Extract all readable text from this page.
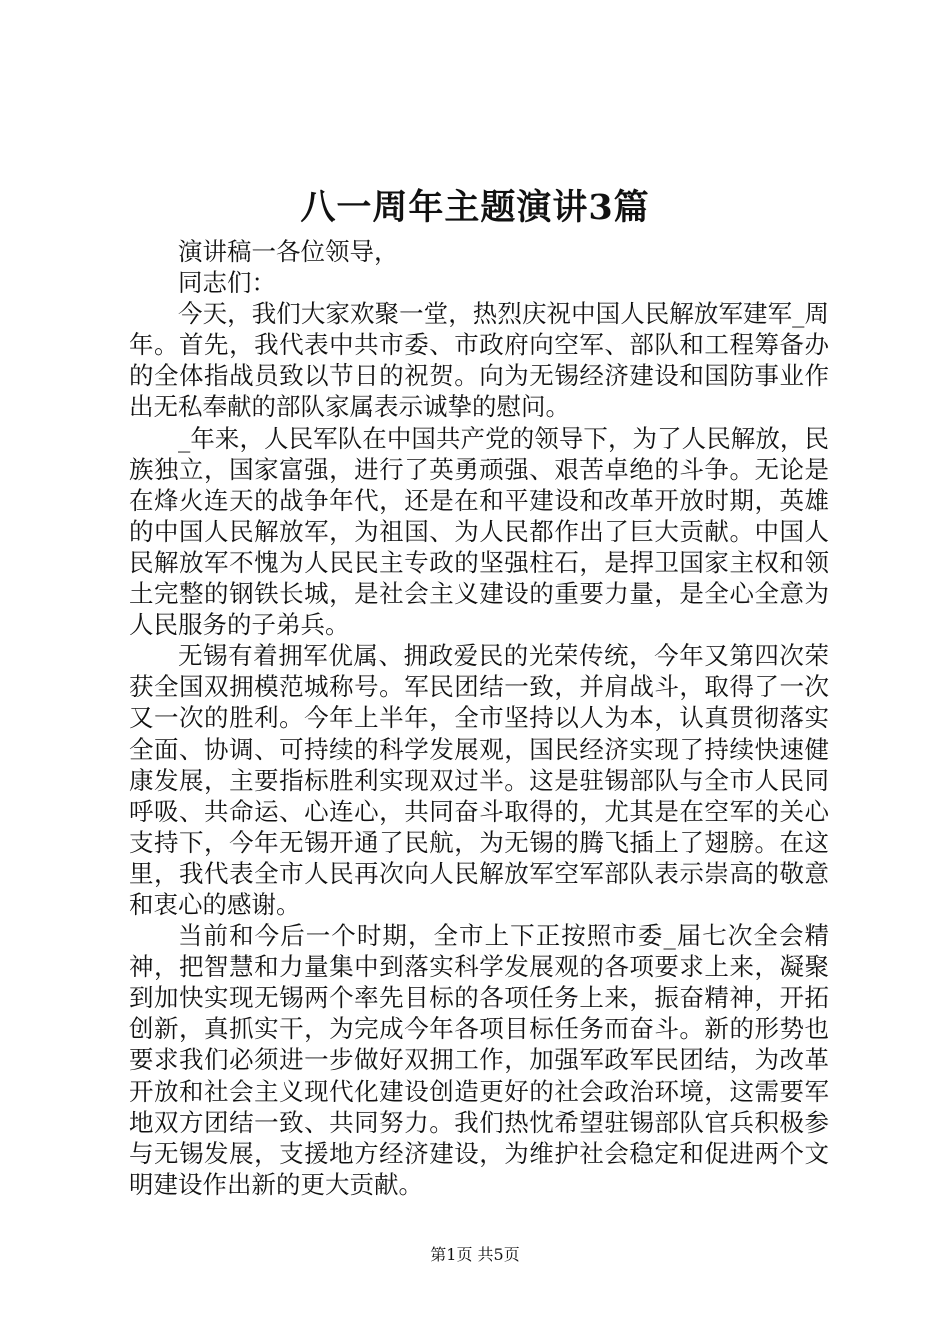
八一周年主题演讲3篇

演讲稿一各位领导，

同志们：

今天，我们大家欢聚一堂，热烈庆祝中国人民解放军建军_周年。首先，我代表中共市委、市政府向空军、部队和工程筹备办的全体指战员致以节日的祝贺。向为无锡经济建设和国防事业作出无私奉献的部队家属表示诚挚的慰问。

_年来，人民军队在中国共产党的领导下，为了人民解放，民族独立，国家富强，进行了英勇顽强、艰苦卓绝的斗争。无论是在烽火连天的战争年代，还是在和平建设和改革开放时期，英雄的中国人民解放军，为祖国、为人民都作出了巨大贡献。中国人民解放军不愧为人民民主专政的坚强柱石，是捍卫国家主权和领土完整的钢铁长城，是社会主义建设的重要力量，是全心全意为人民服务的子弟兵。

无锡有着拥军优属、拥政爱民的光荣传统，今年又第四次荣获全国双拥模范城称号。军民团结一致，并肩战斗，取得了一次又一次的胜利。今年上半年，全市坚持以人为本，认真贯彻落实全面、协调、可持续的科学发展观，国民经济实现了持续快速健康发展，主要指标胜利实现双过半。这是驻锡部队与全市人民同呼吸、共命运、心连心，共同奋斗取得的，尤其是在空军的关心支持下，今年无锡开通了民航，为无锡的腾飞插上了翅膀。在这里，我代表全市人民再次向人民解放军空军部队表示崇高的敬意和衷心的感谢。

当前和今后一个时期，全市上下正按照市委_届七次全会精神，把智慧和力量集中到落实科学发展观的各项要求上来，凝聚到加快实现无锡两个率先目标的各项任务上来，振奋精神，开拓创新，真抓实干，为完成今年各项目标任务而奋斗。新的形势也要求我们必须进一步做好双拥工作，加强军政军民团结，为改革开放和社会主义现代化建设创造更好的社会政治环境，这需要军地双方团结一致、共同努力。我们热忱希望驻锡部队官兵积极参与无锡发展，支援地方经济建设，为维护社会稳定和促进两个文明建设作出新的更大贡献。

第1页 共5页
